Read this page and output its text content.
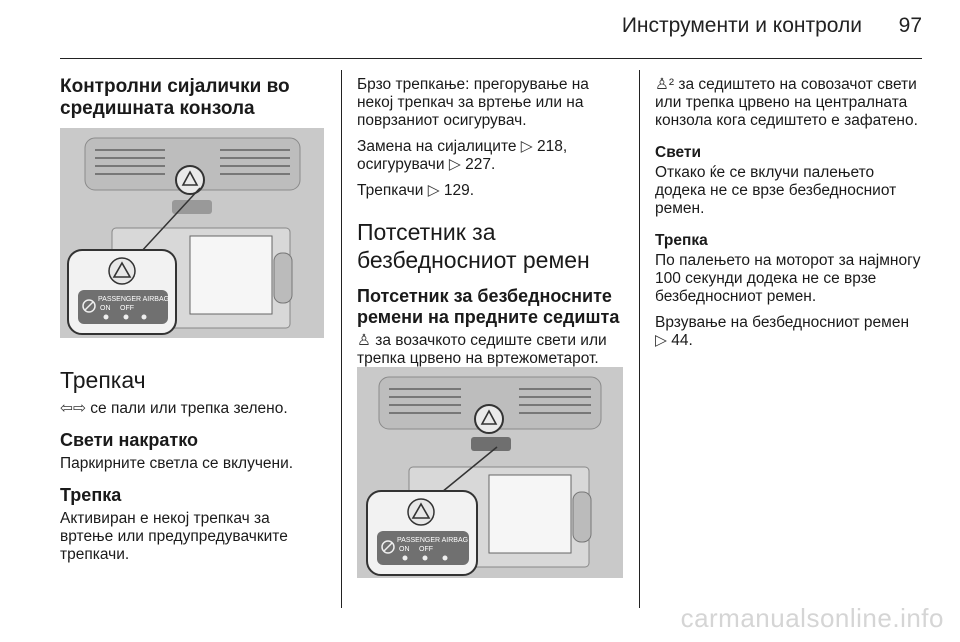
Инструменти и контроли	97
Контролни сијалички во средишната конзола
PASSENGER AIRBAG
ON OFF
Трепкач

⇦⇨ се пали или трепка зелено.

Свети накратко

Паркирните светла се вклучени.

Трепка

Активиран е некој трепкач за вртење или предупредувачките трепкачи.

Брзо трепкање: прегорување на некој трепкач за вртење или на поврзаниот осигурувач.

Замена на сијалиците ▷ 218,
осигурувачи ▷ 227.

Трепкачи ▷ 129.

Потсетник за безбедносниот ремен
Потсетник за безбедносните ремени на предните седишта

♙ за возачкото седиште свети или трепка црвено на вртежометарот.

PASSENGER AIRBAG
ON OFF

♙² за седиштето на совозачот свети или трепка црвено на централната конзола кога седиштето е зафатено.

Свети

Откако ќе се вклучи палењето додека не се врзе безбедносниот ремен.

Трепка

По палењето на моторот за најмногу 100 секунди додека не се врзе безбедносниот ремен.

Врзување на безбедносниот ремен
▷ 44.

carmanualsonline.info
